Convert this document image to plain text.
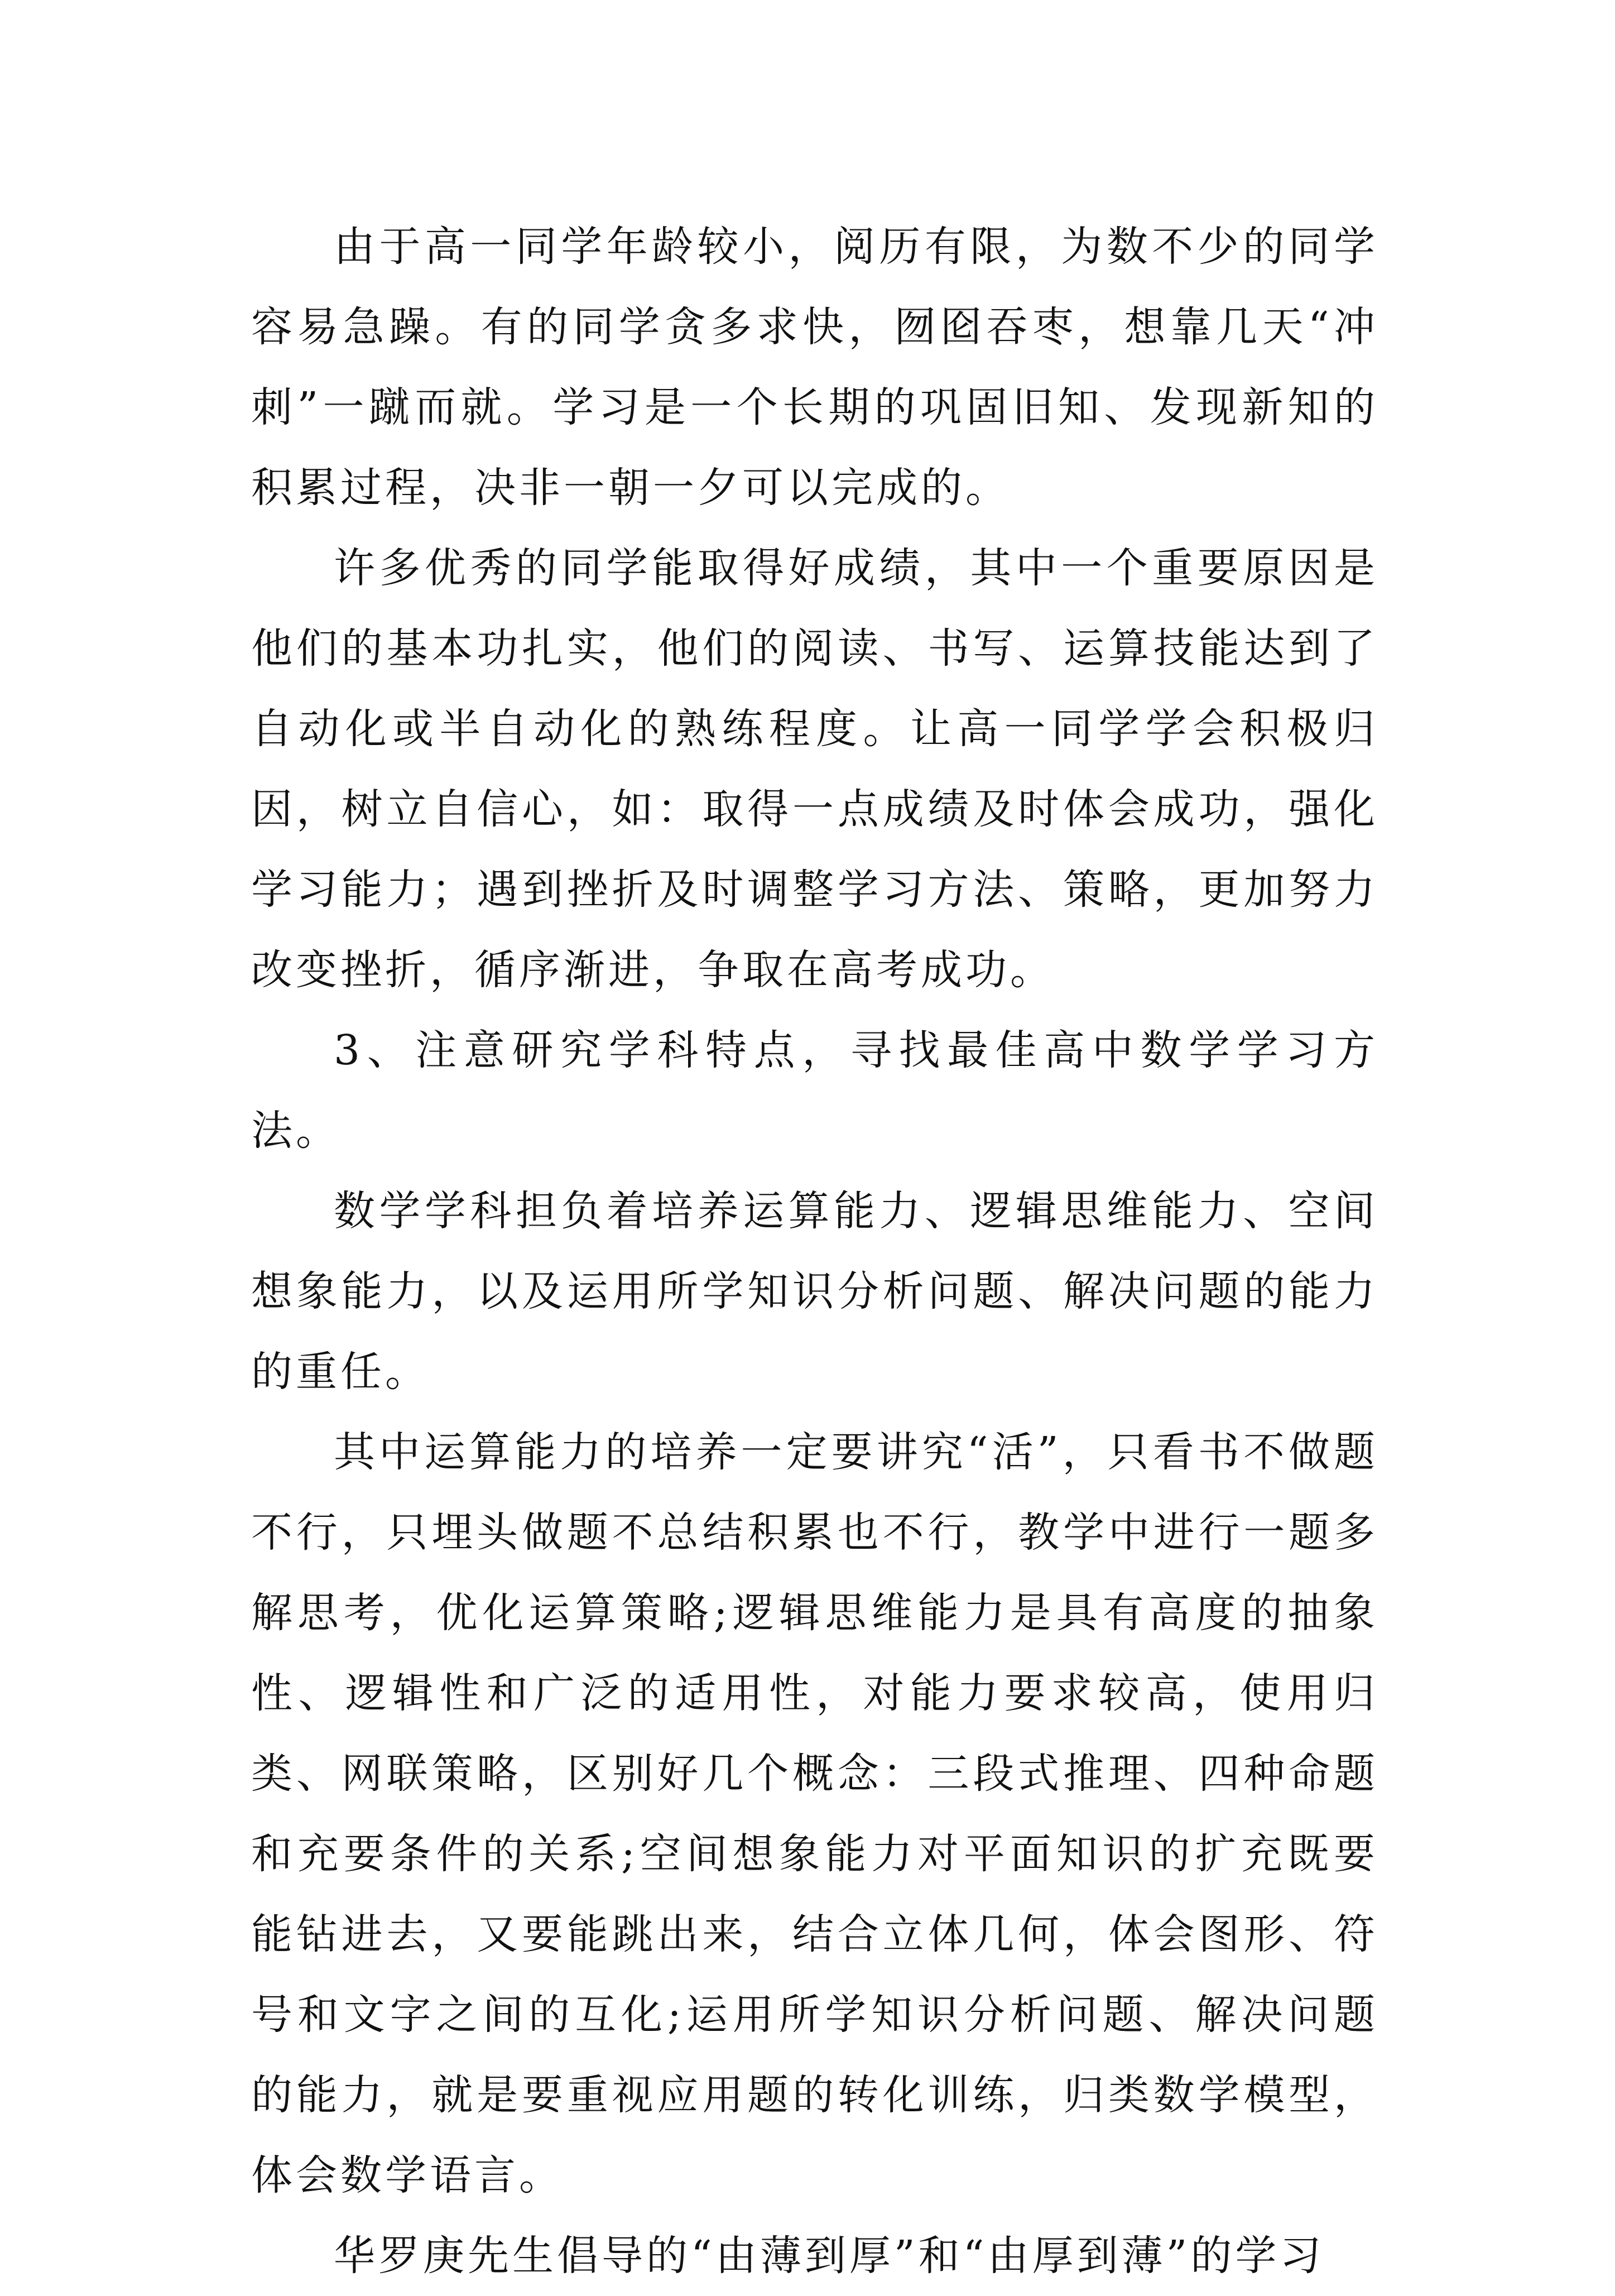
由于高一同学年龄较小，阅历有限，为数不少的同学容易急躁。有的同学贪多求快，囫囵吞枣，想靠几天“冲刺”一蹴而就。学习是一个长期的巩固旧知、发现新知的积累过程，决非一朝一夕可以完成的。

许多优秀的同学能取得好成绩，其中一个重要原因是他们的基本功扎实，他们的阅读、书写、运算技能达到了自动化或半自动化的熟练程度。让高一同学学会积极归因，树立自信心，如：取得一点成绩及时体会成功，强化学习能力；遇到挫折及时调整学习方法、策略，更加努力改变挫折，循序渐进，争取在高考成功。

3、注意研究学科特点，寻找最佳高中数学学习方法。

数学学科担负着培养运算能力、逻辑思维能力、空间想象能力，以及运用所学知识分析问题、解决问题的能力的重任。

其中运算能力的培养一定要讲究“活”，只看书不做题不行，只埋头做题不总结积累也不行，教学中进行一题多解思考，优化运算策略;逻辑思维能力是具有高度的抽象性、逻辑性和广泛的适用性，对能力要求较高，使用归类、网联策略，区别好几个概念：三段式推理、四种命题和充要条件的关系;空间想象能力对平面知识的扩充既要能钻进去，又要能跳出来，结合立体几何，体会图形、符号和文字之间的互化;运用所学知识分析问题、解决问题的能力，就是要重视应用题的转化训练，归类数学模型，体会数学语言。

华罗庚先生倡导的“由薄到厚”和“由厚到薄”的学习
